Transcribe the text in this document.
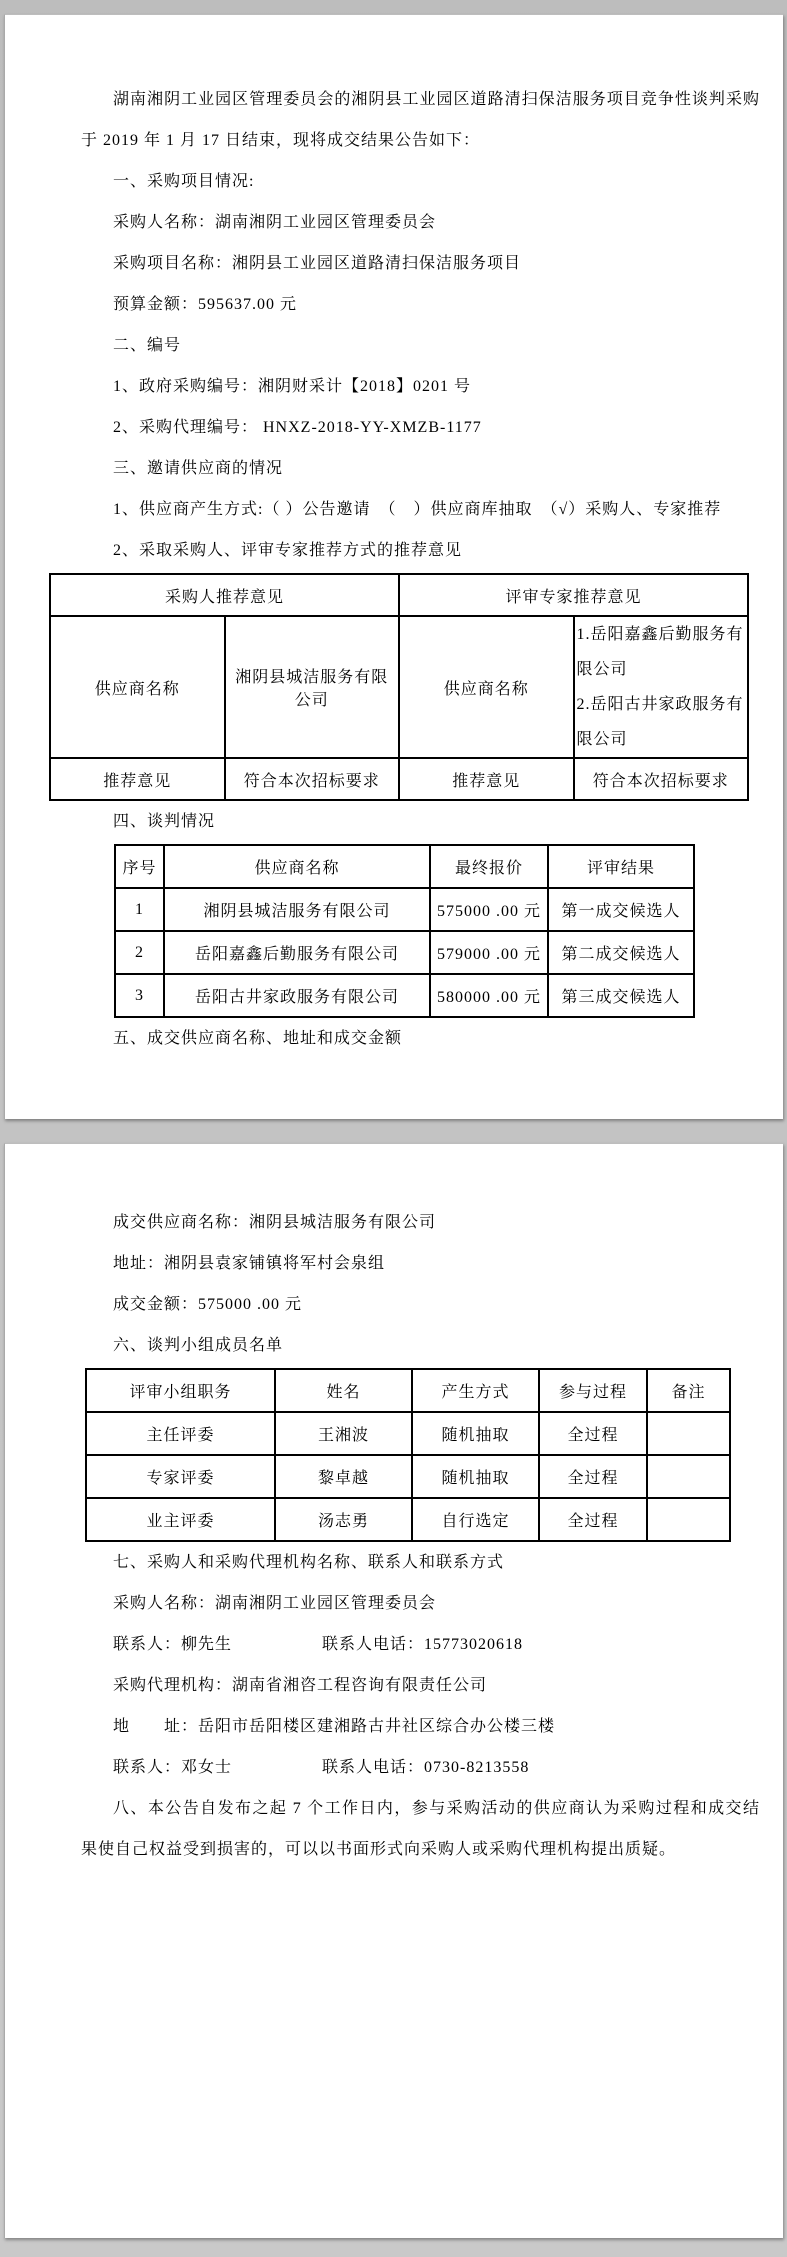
湖南湘阴工业园区管理委员会的湘阴县工业园区道路清扫保洁服务项目竞争性谈判采购于 2019 年 1 月 17 日结束，现将成交结果公告如下：

一、采购项目情况:

采购人名称：湖南湘阴工业园区管理委员会

采购项目名称：湘阴县工业园区道路清扫保洁服务项目

预算金额：595637.00 元

二、编号

1、政府采购编号：湘阴财采计【2018】0201 号

2、采购代理编号： HNXZ-2018-YY-XMZB-1177

三、邀请供应商的情况

1、供应商产生方式:（ ）公告邀请　（　）供应商库抽取　（√）采购人、专家推荐

2、采取采购人、评审专家推荐方式的推荐意见

采购人推荐意见		评审专家推荐意见	
供应商名称	湘阴县城洁服务有限公司	供应商名称	1.岳阳嘉鑫后勤服务有限公司
2.岳阳古井家政服务有限公司
推荐意见	符合本次招标要求	推荐意见	符合本次招标要求

四、谈判情况

序号	供应商名称	最终报价	评审结果
1	湘阴县城洁服务有限公司	575000 .00 元	第一成交候选人
2	岳阳嘉鑫后勤服务有限公司	579000 .00 元	第二成交候选人
3	岳阳古井家政服务有限公司	580000 .00 元	第三成交候选人

五、成交供应商名称、地址和成交金额

成交供应商名称：湘阴县城洁服务有限公司

地址：湘阴县袁家铺镇将军村会泉组

成交金额：575000 .00 元

六、谈判小组成员名单

评审小组职务	姓名	产生方式	参与过程	备注
主任评委	王湘波	随机抽取	全过程	
专家评委	黎卓越	随机抽取	全过程	
业主评委	汤志勇	自行选定	全过程	

七、采购人和采购代理机构名称、联系人和联系方式

采购人名称：湖南湘阴工业园区管理委员会

联系人：柳先生	联系人电话：15773020618

采购代理机构：湖南省湘咨工程咨询有限责任公司

地　　址：岳阳市岳阳楼区建湘路古井社区综合办公楼三楼

联系人：邓女士	联系人电话：0730-8213558

八、本公告自发布之起 7 个工作日内，参与采购活动的供应商认为采购过程和成交结果使自己权益受到损害的，可以以书面形式向采购人或采购代理机构提出质疑。
